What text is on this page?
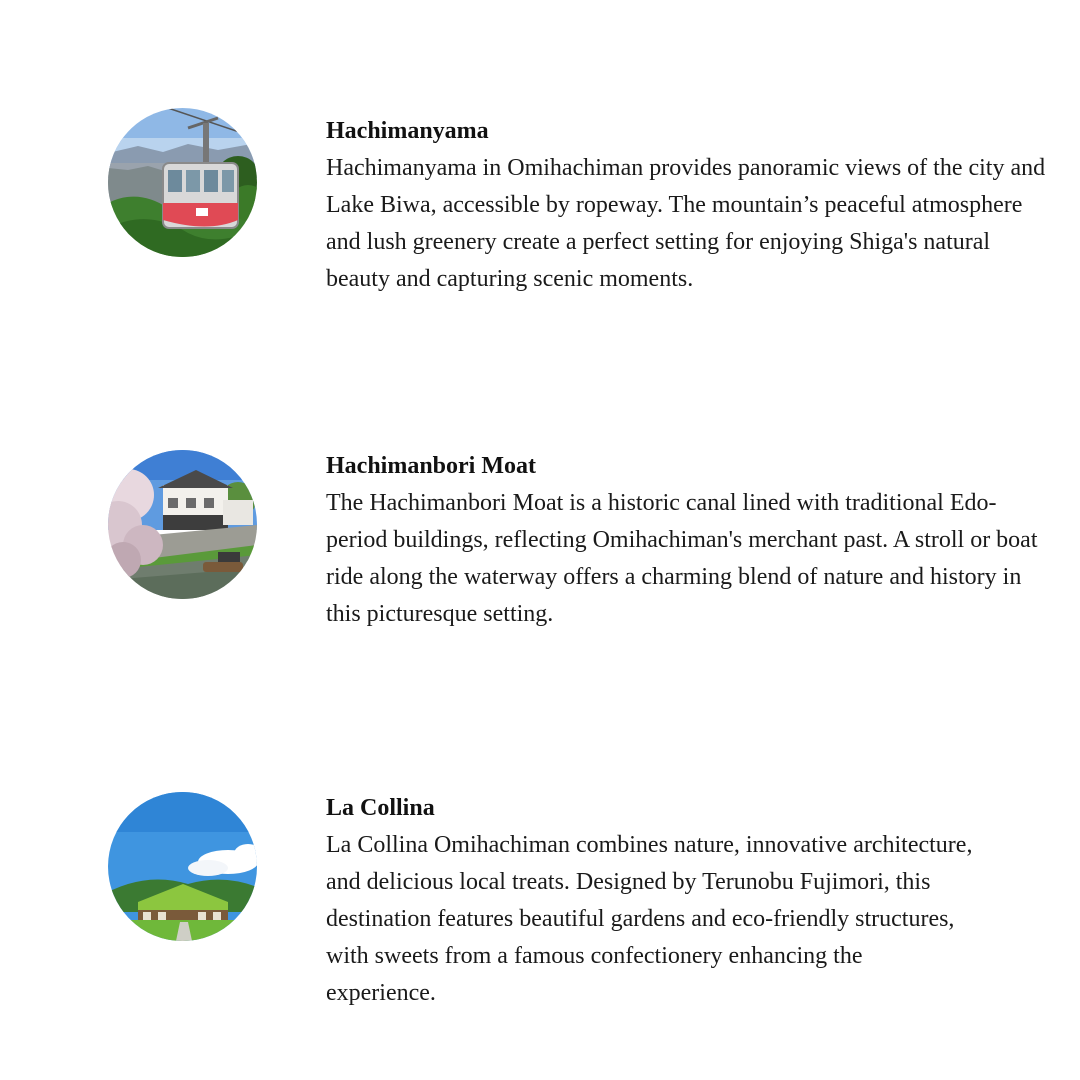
Hachimanyama

Hachimanyama in Omihachiman provides panoramic views of the city and Lake Biwa, accessible by ropeway. The mountain’s peaceful atmosphere and lush greenery create a perfect setting for enjoying Shiga's natural beauty and capturing scenic moments.

Hachimanbori Moat

The Hachimanbori Moat is a historic canal lined with traditional Edo-period buildings, reflecting Omihachiman's merchant past. A stroll or boat ride along the waterway offers a charming blend of nature and history in this picturesque setting.

La Collina

La Collina Omihachiman combines nature, innovative architecture, and delicious local treats. Designed by Terunobu Fujimori, this destination features beautiful gardens and eco-friendly structures, with sweets from a famous confectionery enhancing the experience.
